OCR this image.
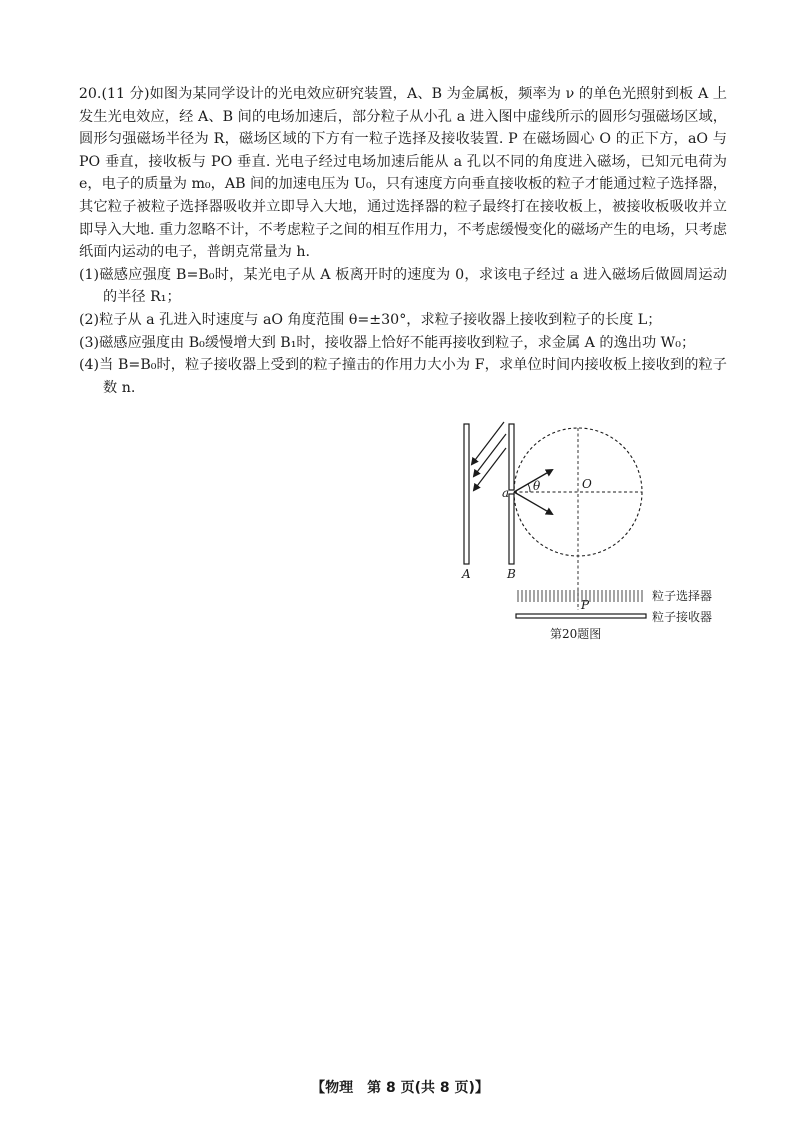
20.(11 分)如图为某同学设计的光电效应研究装置，A、B 为金属板，频率为 ν 的单色光照射到板 A 上发生光电效应，经 A、B 间的电场加速后，部分粒子从小孔 a 进入图中虚线所示的圆形匀强磁场区域，圆形匀强磁场半径为 R，磁场区域的下方有一粒子选择及接收装置. P 在磁场圆心 O 的正下方，aO 与 PO 垂直，接收板与 PO 垂直. 光电子经过电场加速后能从 a 孔以不同的角度进入磁场，已知元电荷为 e，电子的质量为 m₀，AB 间的加速电压为 U₀，只有速度方向垂直接收板的粒子才能通过粒子选择器，其它粒子被粒子选择器吸收并立即导入大地，通过选择器的粒子最终打在接收板上，被接收板吸收并立即导入大地. 重力忽略不计，不考虑粒子之间的相互作用力，不考虑缓慢变化的磁场产生的电场，只考虑纸面内运动的电子，普朗克常量为 h.

(1)磁感应强度 B=B₀时，某光电子从 A 板离开时的速度为 0，求该电子经过 a 进入磁场后做圆周运动的半径 R₁；

(2)粒子从 a 孔进入时速度与 aO 角度范围 θ=±30°，求粒子接收器上接收到粒子的长度 L；

(3)磁感应强度由 B₀缓慢增大到 B₁时，接收器上恰好不能再接收到粒子，求金属 A 的逸出功 W₀；

(4)当 B=B₀时，粒子接收器上受到的粒子撞击的作用力大小为 F，求单位时间内接收板上接收到的粒子数 n.

a θ	O
A	B
P
粒子选择器
粒子接收器
第20题图
【物理　第 8 页(共 8 页)】
